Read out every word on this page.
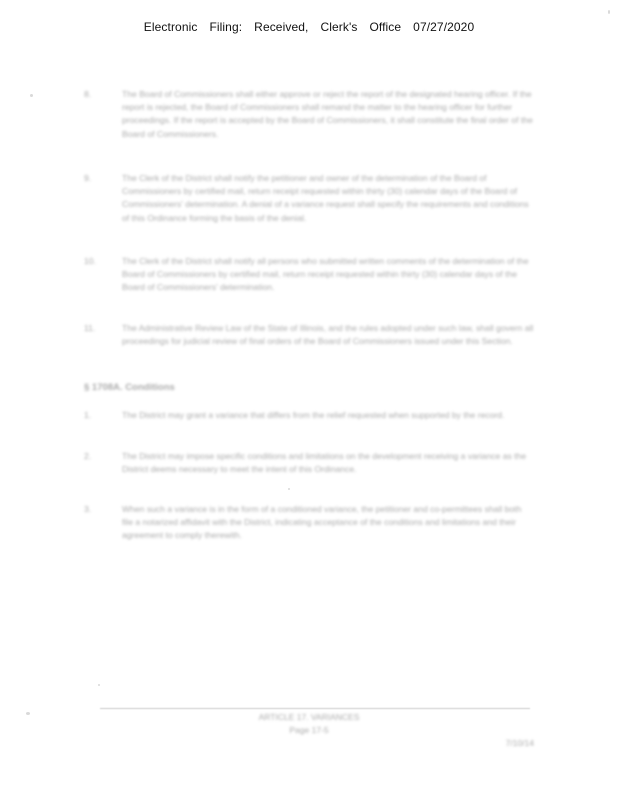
Electronic Filing: Received, Clerk's Office 07/27/2020
8.	The Board of Commissioners shall either approve or reject the report of the designated hearing officer. If the report is rejected, the Board of Commissioners shall remand the matter to the hearing officer for further proceedings. If the report is accepted by the Board of Commissioners, it shall constitute the final order of the Board of Commissioners.
9.	The Clerk of the District shall notify the petitioner and owner of the determination of the Board of Commissioners by certified mail, return receipt requested within thirty (30) calendar days of the Board of Commissioners' determination. A denial of a variance request shall specify the requirements and conditions of this Ordinance forming the basis of the denial.
10.	The Clerk of the District shall notify all persons who submitted written comments of the determination of the Board of Commissioners by certified mail, return receipt requested within thirty (30) calendar days of the Board of Commissioners' determination.
11.	The Administrative Review Law of the State of Illinois, and the rules adopted under such law, shall govern all proceedings for judicial review of final orders of the Board of Commissioners issued under this Section.
§ 1708A. Conditions
1.	The District may grant a variance that differs from the relief requested when supported by the record.
2.	The District may impose specific conditions and limitations on the development receiving a variance as the District deems necessary to meet the intent of this Ordinance.
3.	When such a variance is in the form of a conditioned variance, the petitioner and co-permittees shall both file a notarized affidavit with the District, indicating acceptance of the conditions and limitations and their agreement to comply therewith.
ARTICLE 17. VARIANCES
Page 17-5
7/10/14
